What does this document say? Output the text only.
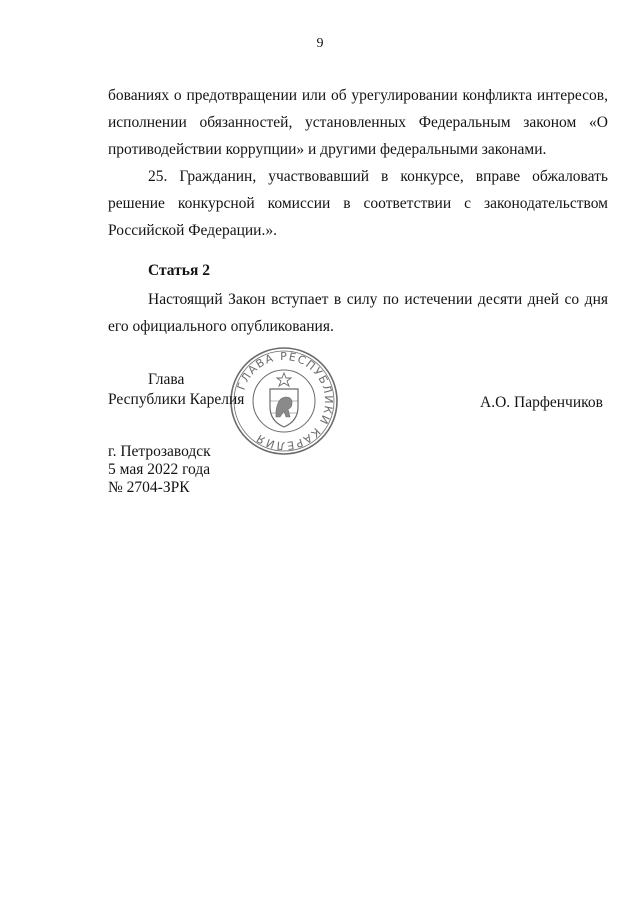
9

бованиях о предотвращении или об урегулировании конфликта интересов, исполнении обязанностей, установленных Федеральным законом «О противодействии коррупции» и другими федеральными законами.

25. Гражданин, участвовавший в конкурсе, вправе обжаловать решение конкурсной комиссии в соответствии с законодательством Российской Федерации.».

Статья 2

Настоящий Закон вступает в силу по истечении десяти дней со дня его официального опубликования.

ГЛАВА РЕСПУБЛИКИ КАРЕЛИЯ
Глава
Республики Карелия	А.О. Парфенчиков
г. Петрозаводск
5 мая 2022 года
№ 2704-ЗРК
